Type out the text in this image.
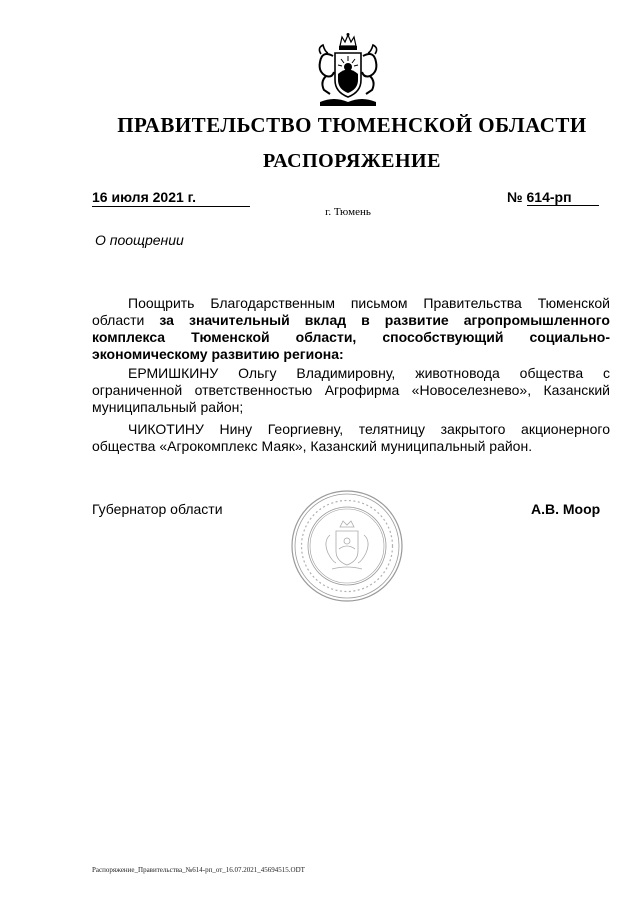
ПРАВИТЕЛЬСТВО ТЮМЕНСКОЙ ОБЛАСТИ
РАСПОРЯЖЕНИЕ
16 июля 2021 г.	№ 614-рп
г. Тюмень
О поощрении
Поощрить Благодарственным письмом Правительства Тюменской области за значительный вклад в развитие агропромышленного комплекса Тюменской области, способствующий социально-экономическому развитию региона:
ЕРМИШКИНУ Ольгу Владимировну, животновода общества с ограниченной ответственностью Агрофирма «Новоселезнево», Казанский муниципальный район;
ЧИКОТИНУ Нину Георгиевну, телятницу закрытого акционерного общества «Агрокомплекс Маяк», Казанский муниципальный район.
Губернатор области	А.В. Моор
Распоряжение_Правительства_№614-рп_от_16.07.2021_45694515.ODT
